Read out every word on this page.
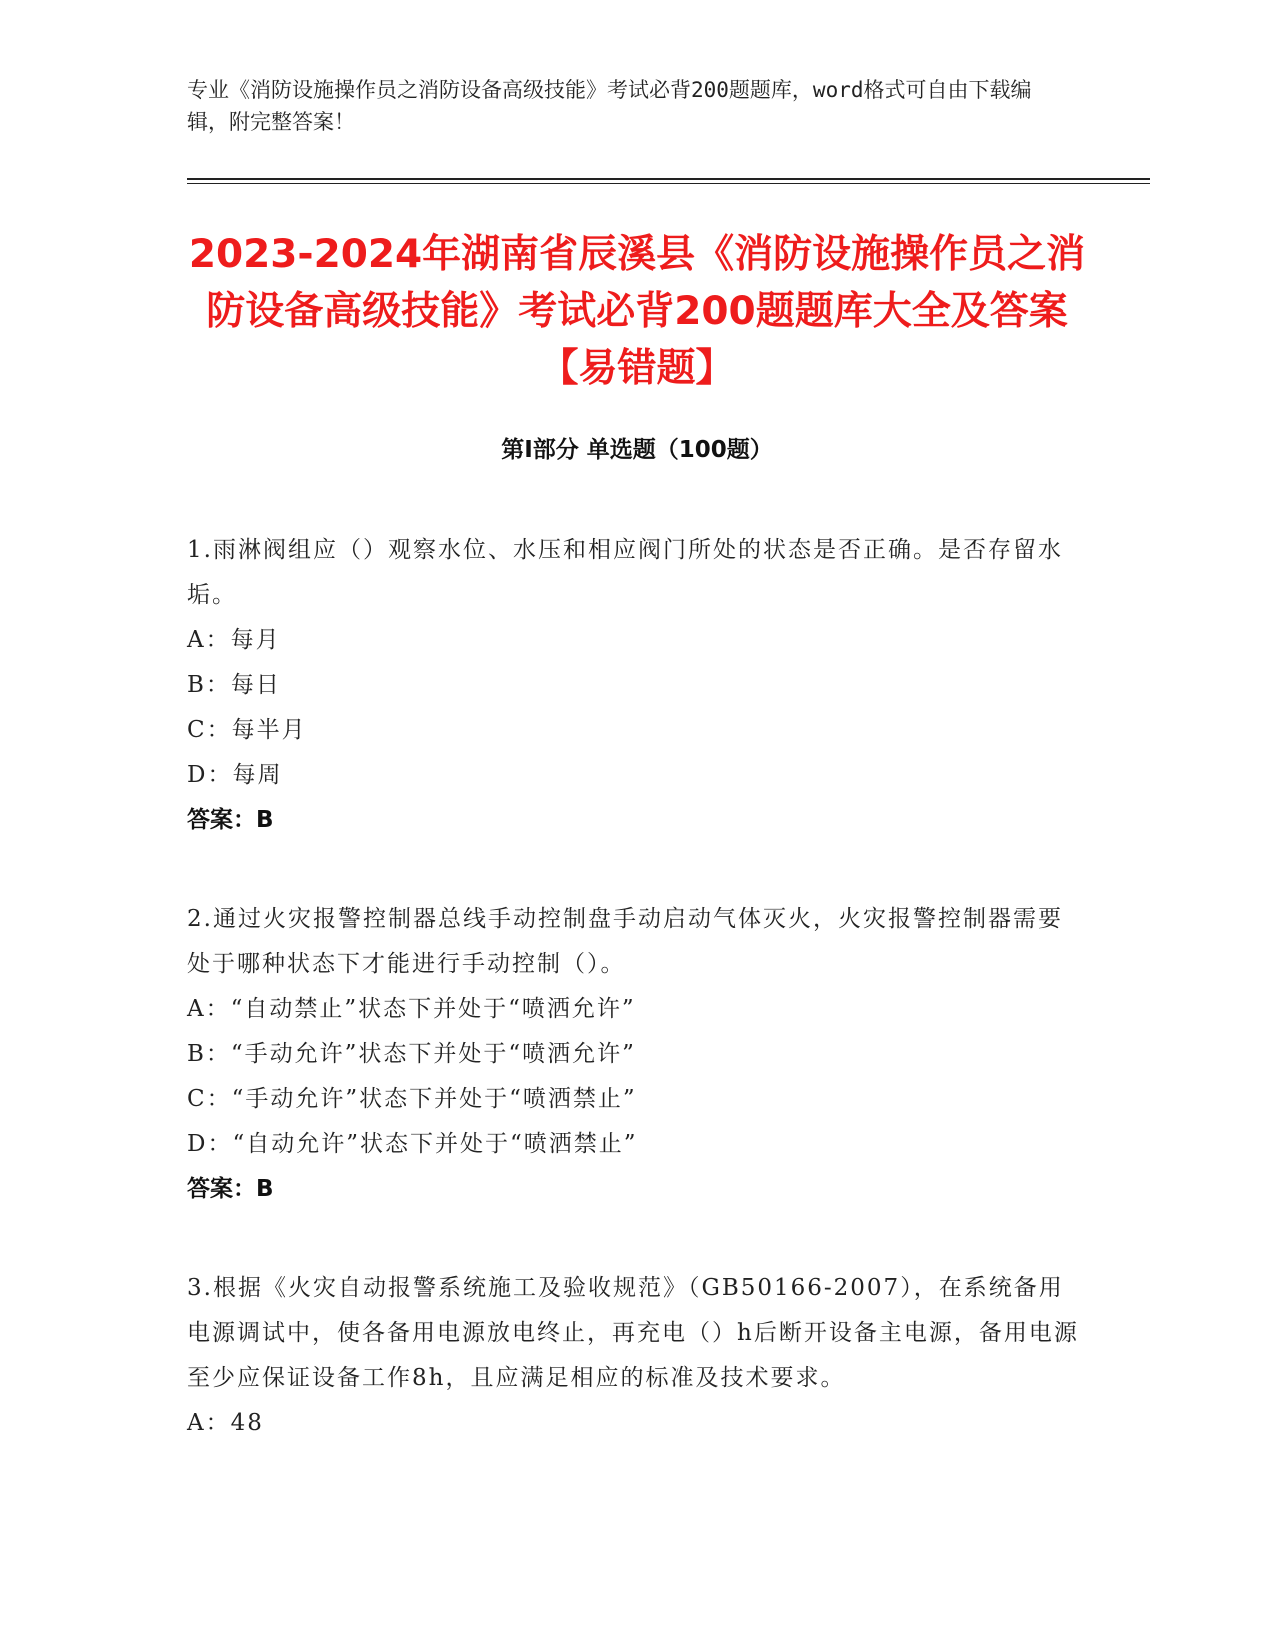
专业《消防设施操作员之消防设备高级技能》考试必背200题题库，word格式可自由下载编辑，附完整答案！
2023-2024年湖南省辰溪县《消防设施操作员之消防设备高级技能》考试必背200题题库大全及答案【易错题】
第Ⅰ部分 单选题（100题）
1.雨淋阀组应（）观察水位、水压和相应阀门所处的状态是否正确。是否存留水垢。
A：每月
B：每日
C：每半月
D：每周
答案：B
2.通过火灾报警控制器总线手动控制盘手动启动气体灭火，火灾报警控制器需要处于哪种状态下才能进行手动控制（）。
A：“自动禁止”状态下并处于“喷洒允许”
B：“手动允许”状态下并处于“喷洒允许”
C：“手动允许”状态下并处于“喷洒禁止”
D：“自动允许”状态下并处于“喷洒禁止”
答案：B
3.根据《火灾自动报警系统施工及验收规范》（GB50166-2007），在系统备用电源调试中，使各备用电源放电终止，再充电（）h后断开设备主电源，备用电源至少应保证设备工作8h，且应满足相应的标准及技术要求。
A：48
